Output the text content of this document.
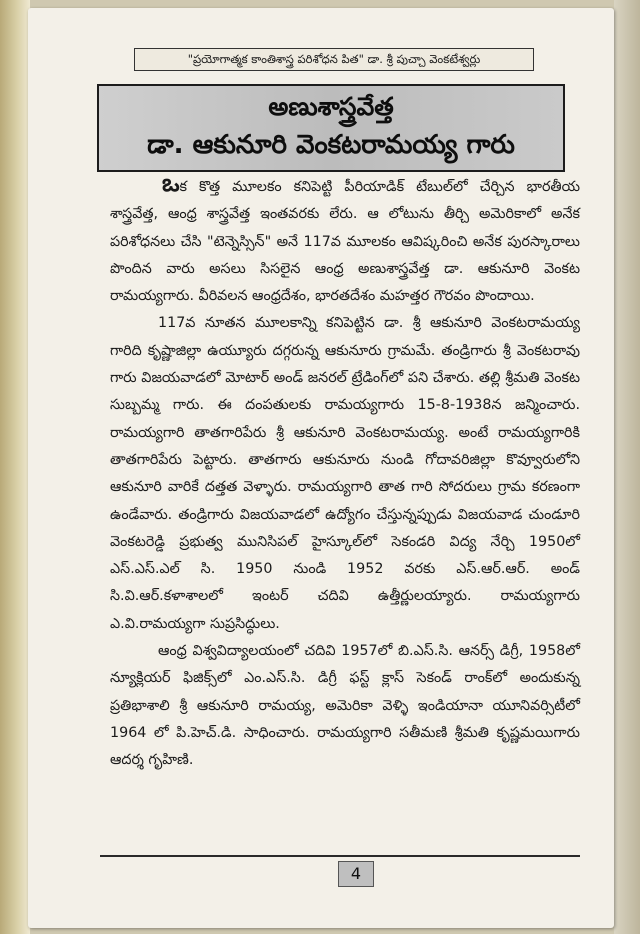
"ప్రయోగాత్మక కాంతిశాస్త్ర పరిశోధన పిత" డా. శ్రీ పుచ్చా వెంకటేశ్వర్లు
అణుశాస్త్రవేత్త
డా. ఆకునూరి వెంకటరామయ్య గారు

ఒక కొత్త మూలకం కనిపెట్టి పీరియాడిక్ టేబుల్‌లో చేర్చిన భారతీయ శాస్త్రవేత్త, ఆంధ్ర శాస్త్రవేత్త ఇంతవరకు లేరు. ఆ లోటును తీర్చి అమెరికాలో అనేక పరిశోధనలు చేసి "టెన్నెస్సిన్" అనే 117వ మూలకం ఆవిష్కరించి అనేక పురస్కారాలు పొందిన వారు అసలు సిసలైన ఆంధ్ర అణుశాస్త్రవేత్త డా. ఆకునూరి వెంకట రామయ్యగారు. వీరివలన ఆంధ్రదేశం, భారతదేశం మహత్తర గౌరవం పొందాయి.

117వ నూతన మూలకాన్ని కనిపెట్టిన డా. శ్రీ ఆకునూరి వెంకటరామయ్య గారిది కృష్ణాజిల్లా ఉయ్యూరు దగ్గరున్న ఆకునూరు గ్రామమే. తండ్రిగారు శ్రీ వెంకటరావు గారు విజయవాడలో మోటార్ అండ్ జనరల్ ట్రేడింగ్‌లో పని చేశారు. తల్లి శ్రీమతి వెంకట సుబ్బమ్మ గారు. ఈ దంపతులకు రామయ్యగారు 15-8-1938న జన్మించారు. రామయ్యగారి తాతగారిపేరు శ్రీ ఆకునూరి వెంకటరామయ్య. అంటే రామయ్యగారికి తాతగారిపేరు పెట్టారు. తాతగారు ఆకునూరు నుండి గోదావరిజిల్లా కొవ్వూరులోని ఆకునూరి వారికే దత్తత వెళ్ళారు. రామయ్యగారి తాత గారి సోదరులు గ్రామ కరణంగా ఉండేవారు. తండ్రిగారు విజయవాడలో ఉద్యోగం చేస్తున్నప్పుడు విజయవాడ చుండూరి వెంకటరెడ్డి ప్రభుత్వ మునిసిపల్ హైస్కూల్‌లో సెకండరి విద్య నేర్చి 1950లో ఎస్.ఎస్.ఎల్ సి. 1950 నుండి 1952 వరకు ఎస్.ఆర్.ఆర్. అండ్ సి.వి.ఆర్.కళాశాలలో ఇంటర్ చదివి ఉత్తీర్ణులయ్యారు. రామయ్యగారు ఎ.వి.రామయ్యగా సుప్రసిద్ధులు.

ఆంధ్ర విశ్వవిద్యాలయంలో చదివి 1957లో బి.ఎస్.సి. ఆనర్స్ డిగ్రీ, 1958లో న్యూక్లియర్ ఫిజిక్స్‌లో ఎం.ఎస్.సి. డిగ్రీ ఫస్ట్ క్లాస్ సెకండ్ రాంక్‌లో అందుకున్న ప్రతిభాశాలి శ్రీ ఆకునూరి రామయ్య, అమెరికా వెళ్ళి ఇండియానా యూనివర్సిటీలో 1964 లో పి.హెచ్.డి. సాధించారు. రామయ్యగారి సతీమణి శ్రీమతి కృష్ణమయిగారు ఆదర్శ గృహిణి.

4
